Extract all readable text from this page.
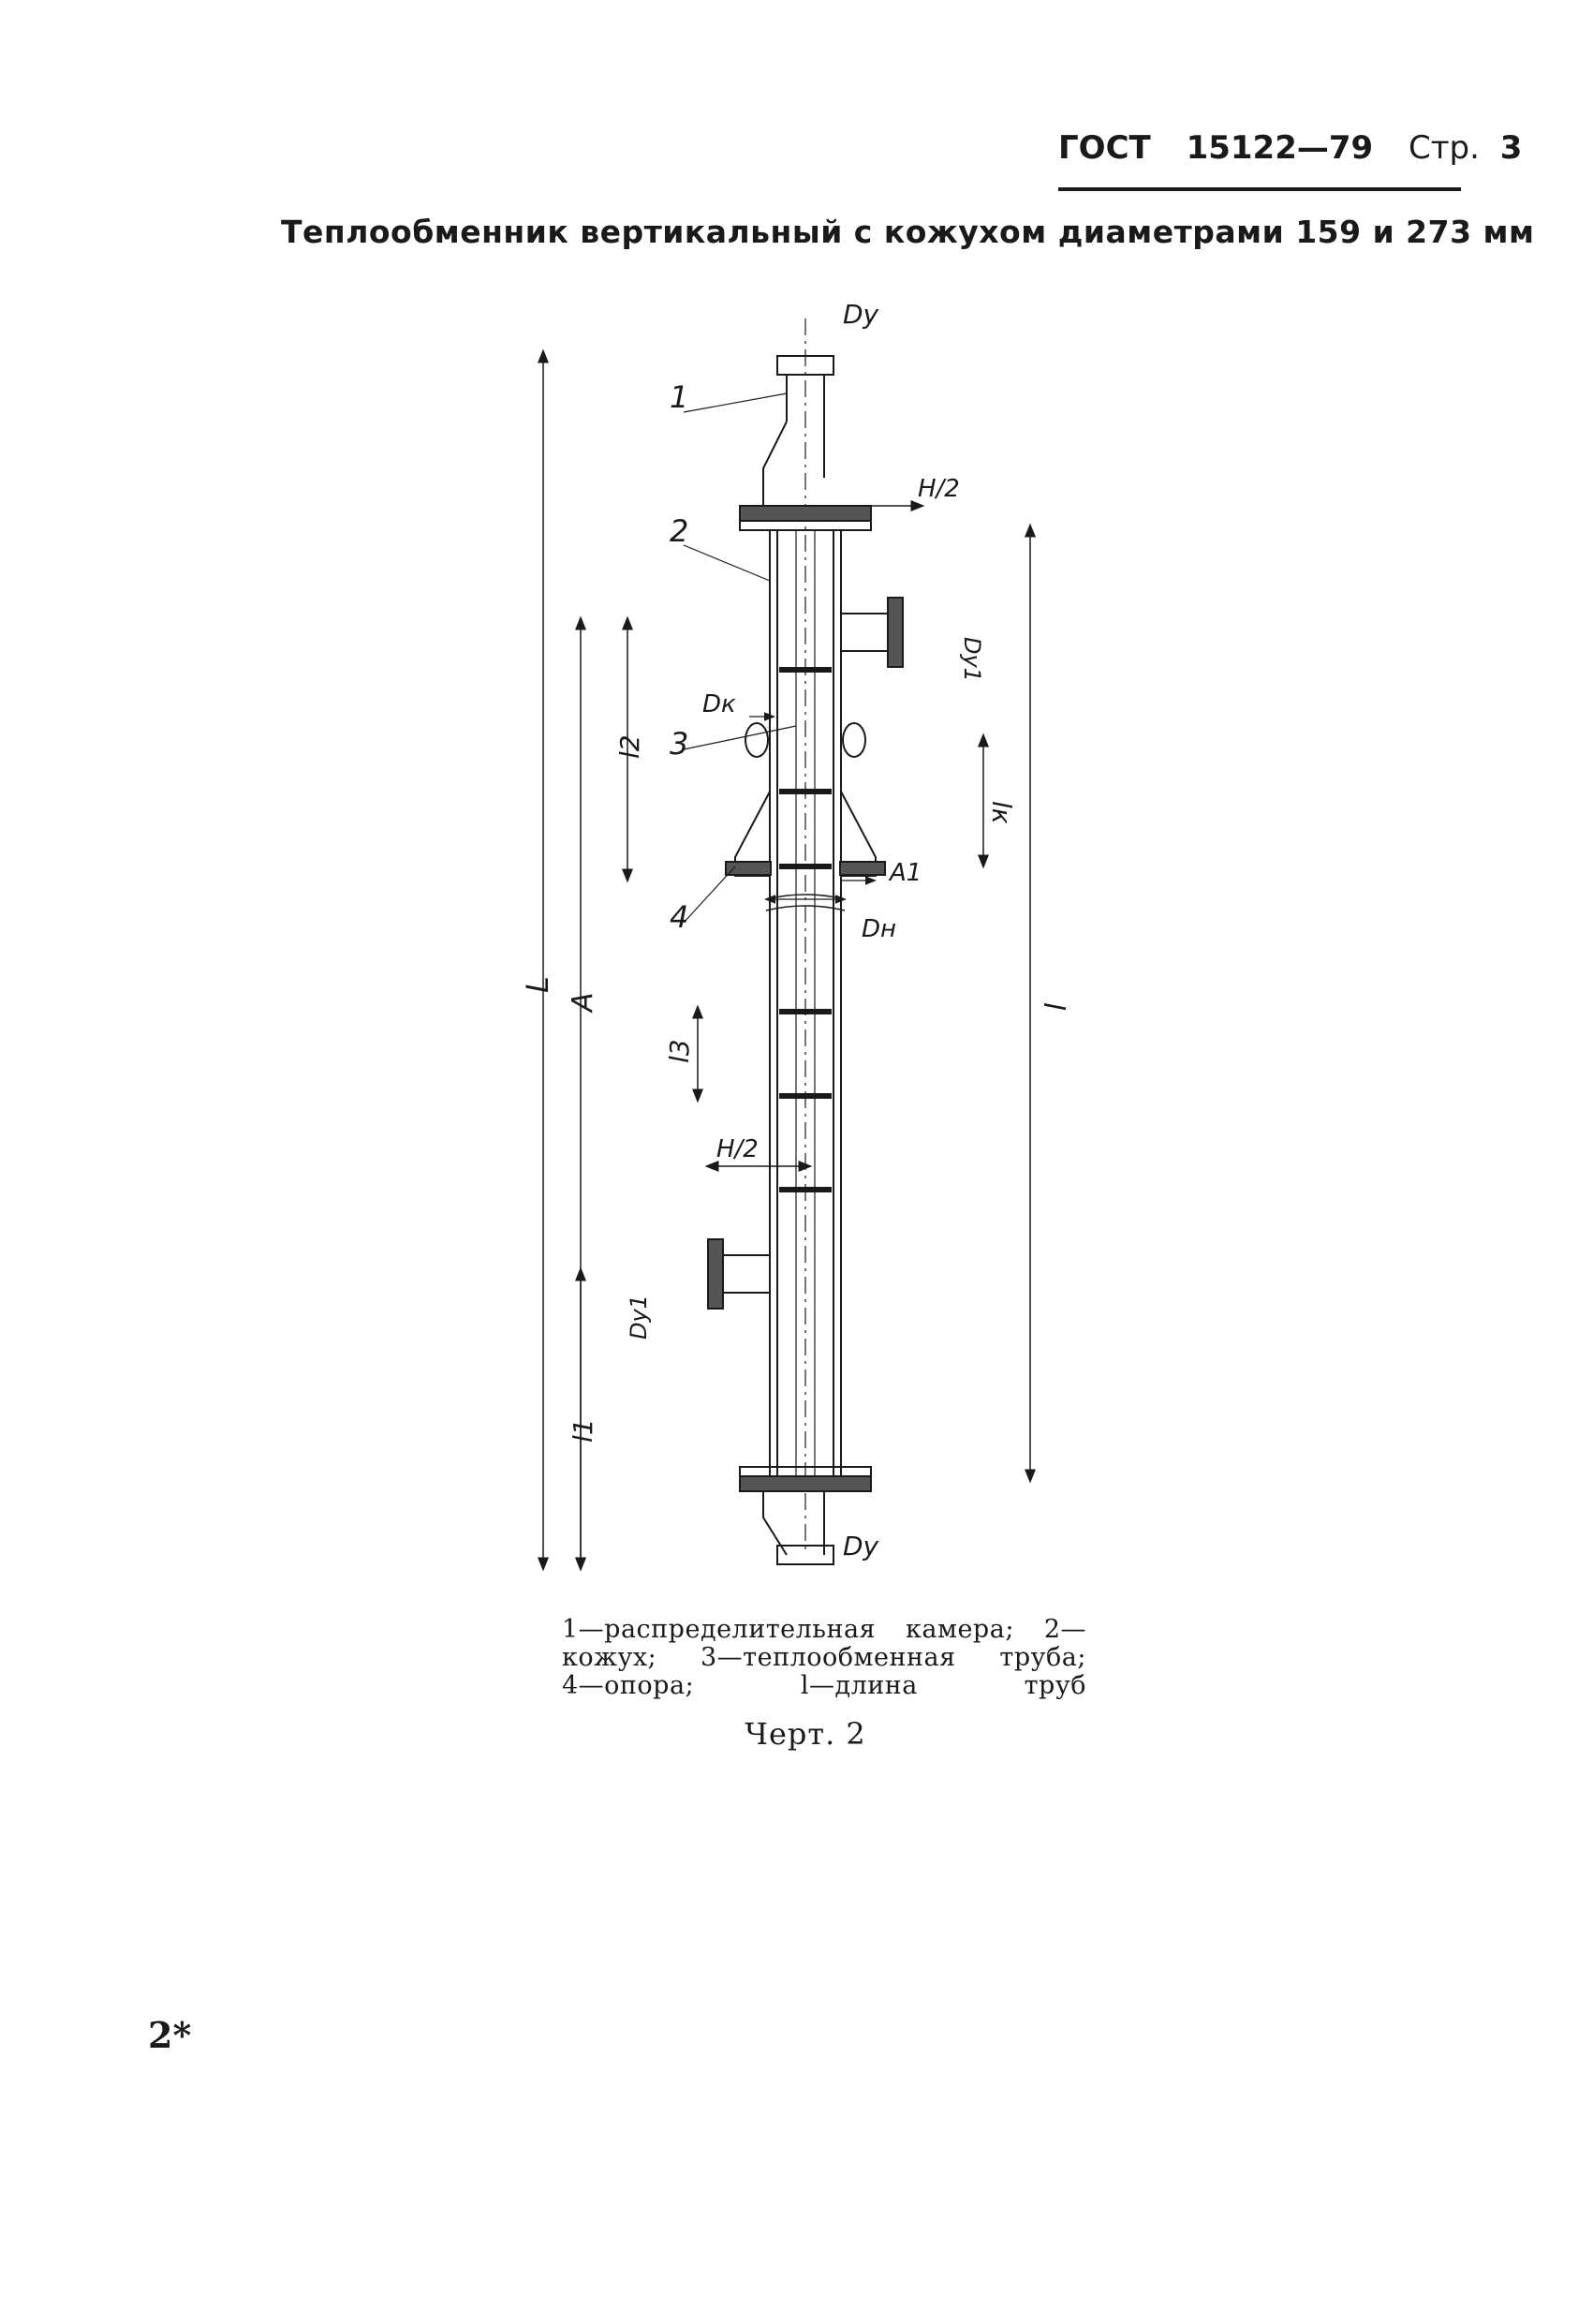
ГОСТ 15122—79 Стр. 3
Теплообменник вертикальный с кожухом диаметрами 159 и 273 мм
L
A
l2
l
lк
l3
l1
Dу
Dу
H/2
H/2
Dу1
Dу1
Dк
Dн
A1
1
2
3
4
1—распределительная камера; 2—
кожух; 3—теплообменная труба;
4—опора; l—длина труб
Черт. 2
2*
